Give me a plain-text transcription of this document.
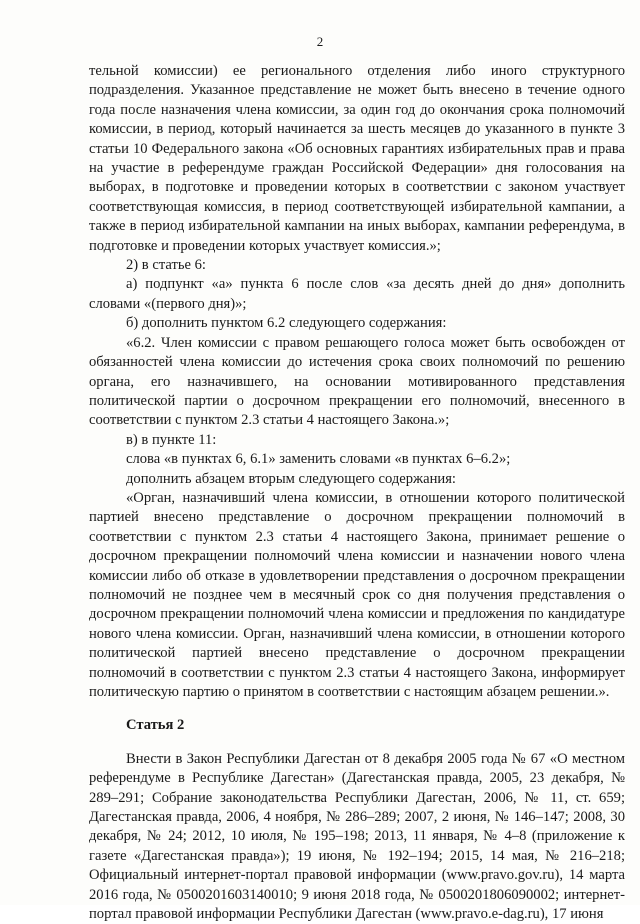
2

тельной комиссии) ее регионального отделения либо иного структурного подразделения. Указанное представление не может быть внесено в течение одного года после назначения члена комиссии, за один год до окончания срока полномочий комиссии, в период, который начинается за шесть месяцев до указанного в пункте 3 статьи 10 Федерального закона «Об основных гарантиях избирательных прав и права на участие в референдуме граждан Российской Федерации» дня голосования на выборах, в подготовке и проведении которых в соответствии с законом участвует соответствующая комиссия, в период соответствующей избирательной кампании, а также в период избирательной кампании на иных выборах, кампании референдума, в подготовке и проведении которых участвует комиссия.»;

2) в статье 6:

а) подпункт «а» пункта 6 после слов «за десять дней до дня» дополнить словами «(первого дня)»;

б) дополнить пунктом 6.2 следующего содержания:

«6.2. Член комиссии с правом решающего голоса может быть освобожден от обязанностей члена комиссии до истечения срока своих полномочий по решению органа, его назначившего, на основании мотивированного представления политической партии о досрочном прекращении его полномочий, внесенного в соответствии с пунктом 2.3 статьи 4 настоящего Закона.»;

в) в пункте 11:

слова «в пунктах 6, 6.1» заменить словами «в пунктах 6–6.2»;

дополнить абзацем вторым следующего содержания:

«Орган, назначивший члена комиссии, в отношении которого политической партией внесено представление о досрочном прекращении полномочий в соответствии с пунктом 2.3 статьи 4 настоящего Закона, принимает решение о досрочном прекращении полномочий члена комиссии и назначении нового члена комиссии либо об отказе в удовлетворении представления о досрочном прекращении полномочий не позднее чем в месячный срок со дня получения представления о досрочном прекращении полномочий члена комиссии и предложения по кандидатуре нового члена комиссии. Орган, назначивший члена комиссии, в отношении которого политической партией внесено представление о досрочном прекращении полномочий в соответствии с пунктом 2.3 статьи 4 настоящего Закона, информирует политическую партию о принятом в соответствии с настоящим абзацем решении.».

Статья 2

Внести в Закон Республики Дагестан от 8 декабря 2005 года № 67 «О местном референдуме в Республике Дагестан» (Дагестанская правда, 2005, 23 декабря, № 289–291; Собрание законодательства Республики Дагестан, 2006, № 11, ст. 659; Дагестанская правда, 2006, 4 ноября, № 286–289; 2007, 2 июня, № 146–147; 2008, 30 декабря, № 24; 2012, 10 июля, № 195–198; 2013, 11 января, № 4–8 (приложение к газете «Дагестанская правда»); 19 июня, № 192–194; 2015, 14 мая, № 216–218; Официальный интернет-портал правовой информации (www.pravo.gov.ru), 14 марта 2016 года, № 0500201603140010; 9 июня 2018 года, № 0500201806090002; интернет-портал правовой информации Республики Дагестан (www.pravo.e-dag.ru), 17 июня
